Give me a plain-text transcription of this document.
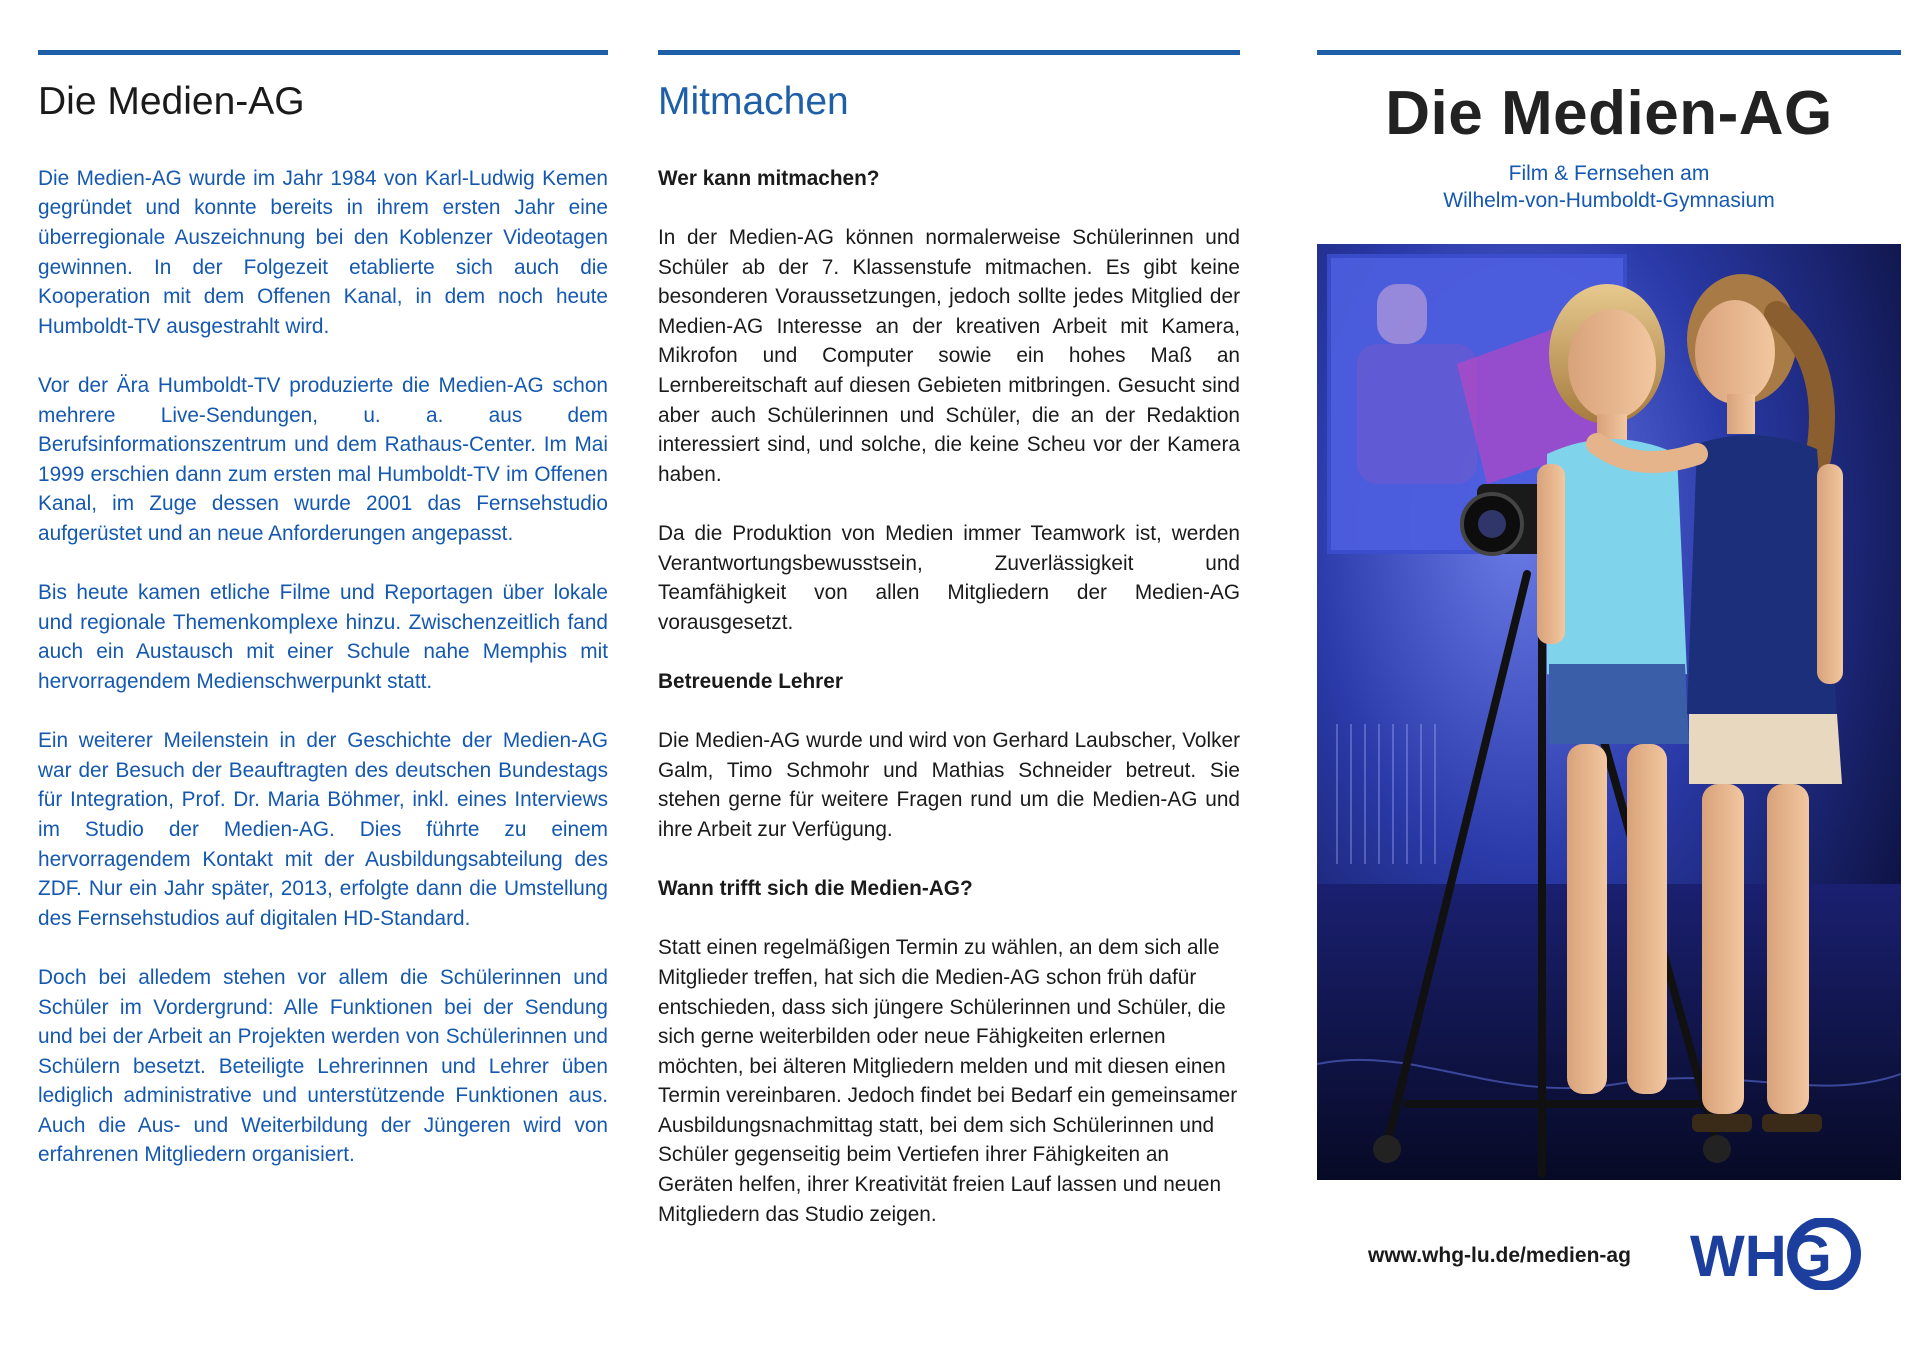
Die Medien-AG

Die Medien-AG wurde im Jahr 1984 von Karl-Ludwig Kemen gegründet und konnte bereits in ihrem ersten Jahr eine überregionale Auszeichnung bei den Koblenzer Videotagen gewinnen. In der Folgezeit etablierte sich auch die Kooperation mit dem Offenen Kanal, in dem noch heute Humboldt-TV ausgestrahlt wird.

Vor der Ära Humboldt-TV produzierte die Medien-AG schon mehrere Live-Sendungen, u. a. aus dem Berufsinformationszentrum und dem Rathaus-Center. Im Mai 1999 erschien dann zum ersten mal Humboldt-TV im Offenen Kanal, im Zuge dessen wurde 2001 das Fernsehstudio aufgerüstet und an neue Anforderungen angepasst.

Bis heute kamen etliche Filme und Reportagen über lokale und regionale Themenkomplexe hinzu. Zwischenzeitlich fand auch ein Austausch mit einer Schule nahe Memphis mit hervorragendem Medienschwerpunkt statt.

Ein weiterer Meilenstein in der Geschichte der Medien-AG war der Besuch der Beauftragten des deutschen Bundestags für Integration, Prof. Dr. Maria Böhmer, inkl. eines Interviews im Studio der Medien-AG. Dies führte zu einem hervorragendem Kontakt mit der Ausbildungsabteilung des ZDF. Nur ein Jahr später, 2013, erfolgte dann die Umstellung des Fernsehstudios auf digitalen HD-Standard.

Doch bei alledem stehen vor allem die Schülerinnen und Schüler im Vordergrund: Alle Funktionen bei der Sendung und bei der Arbeit an Projekten werden von Schülerinnen und Schülern besetzt. Beteiligte Lehrerinnen und Lehrer üben lediglich administrative und unterstützende Funktionen aus. Auch die Aus- und Weiterbildung der Jüngeren wird von erfahrenen Mitgliedern organisiert.

Mitmachen
Wer kann mitmachen?

In der Medien-AG können normalerweise Schülerinnen und Schüler ab der 7. Klassenstufe mitmachen. Es gibt keine besonderen Voraussetzungen, jedoch sollte jedes Mitglied der Medien-AG Interesse an der kreativen Arbeit mit Kamera, Mikrofon und Computer sowie ein hohes Maß an Lernbereitschaft auf diesen Gebieten mitbringen. Gesucht sind aber auch Schülerinnen und Schüler, die an der Redaktion interessiert sind, und solche, die keine Scheu vor der Kamera haben.

Da die Produktion von Medien immer Teamwork ist, werden Verantwortungsbewusstsein, Zuverlässigkeit und Teamfähigkeit von allen Mitgliedern der Medien-AG vorausgesetzt.

Betreuende Lehrer

Die Medien-AG wurde und wird von Gerhard Laubscher, Volker Galm, Timo Schmohr und Mathias Schneider betreut. Sie stehen gerne für weitere Fragen rund um die Medien-AG und ihre Arbeit zur Verfügung.

Wann trifft sich die Medien-AG?

Statt einen regelmäßigen Termin zu wählen, an dem sich alle Mitglieder treffen, hat sich die Medien-AG schon früh dafür entschieden, dass sich jüngere Schülerinnen und Schüler, die sich gerne weiterbilden oder neue Fähigkeiten erlernen möchten, bei älteren Mitgliedern melden und mit diesen einen Termin vereinbaren. Jedoch findet bei Bedarf ein gemeinsamer Ausbildungsnachmittag statt, bei dem sich Schülerinnen und Schüler gegenseitig beim Vertiefen ihrer Fähigkeiten an Geräten helfen, ihrer Kreativität freien Lauf lassen und neuen Mitgliedern das Studio zeigen.

Die Medien-AG
Film & Fernsehen am
Wilhelm-von-Humboldt-Gymnasium
www.whg-lu.de/medien-ag WHG
